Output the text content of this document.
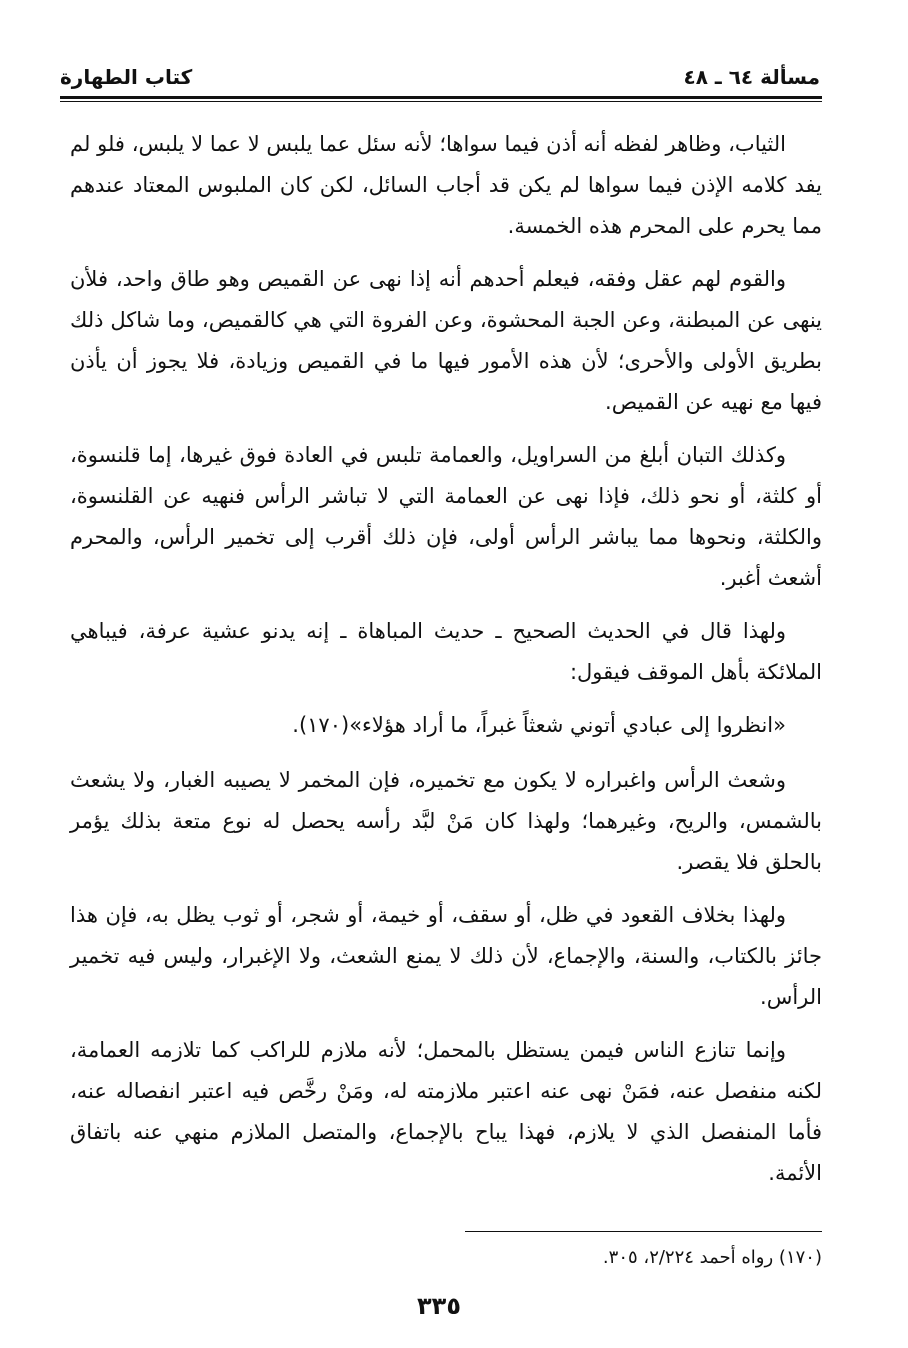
مسألة ٦٤ ـ ٤٨
كتاب الطهارة

الثياب، وظاهر لفظه أنه أذن فيما سواها؛ لأنه سئل عما يلبس لا عما لا يلبس، فلو لم يفد كلامه الإذن فيما سواها لم يكن قد أجاب السائل، لكن كان الملبوس المعتاد عندهم مما يحرم على المحرم هذه الخمسة.

والقوم لهم عقل وفقه، فيعلم أحدهم أنه إذا نهى عن القميص وهو طاق واحد، فلأن ينهى عن المبطنة، وعن الجبة المحشوة، وعن الفروة التي هي كالقميص، وما شاكل ذلك بطريق الأولى والأحرى؛ لأن هذه الأمور فيها ما في القميص وزيادة، فلا يجوز أن يأذن فيها مع نهيه عن القميص.

وكذلك التبان أبلغ من السراويل، والعمامة تلبس في العادة فوق غيرها، إما قلنسوة، أو كلثة، أو نحو ذلك، فإذا نهى عن العمامة التي لا تباشر الرأس فنهيه عن القلنسوة، والكلثة، ونحوها مما يباشر الرأس أولى، فإن ذلك أقرب إلى تخمير الرأس، والمحرم أشعث أغبر.

ولهذا قال في الحديث الصحيح ـ حديث المباهاة ـ إنه يدنو عشية عرفة، فيباهي الملائكة بأهل الموقف فيقول:

«انظروا إلى عبادي أتوني شعثاً غبراً، ما أراد هؤلاء»(١٧٠).

وشعث الرأس واغبراره لا يكون مع تخميره، فإن المخمر لا يصيبه الغبار، ولا يشعث بالشمس، والريح، وغيرهما؛ ولهذا كان مَنْ لبَّد رأسه يحصل له نوع متعة بذلك يؤمر بالحلق فلا يقصر.

ولهذا بخلاف القعود في ظل، أو سقف، أو خيمة، أو شجر، أو ثوب يظل به، فإن هذا جائز بالكتاب، والسنة، والإجماع، لأن ذلك لا يمنع الشعث، ولا الإغبرار، وليس فيه تخمير الرأس.

وإنما تنازع الناس فيمن يستظل بالمحمل؛ لأنه ملازم للراكب كما تلازمه العمامة، لكنه منفصل عنه، فمَنْ نهى عنه اعتبر ملازمته له، ومَنْ رخَّص فيه اعتبر انفصاله عنه، فأما المنفصل الذي لا يلازم، فهذا يباح بالإجماع، والمتصل الملازم منهي عنه باتفاق الأئمة.

(١٧٠) رواه أحمد ٢/٢٢٤، ٣٠٥.
٣٣٥
